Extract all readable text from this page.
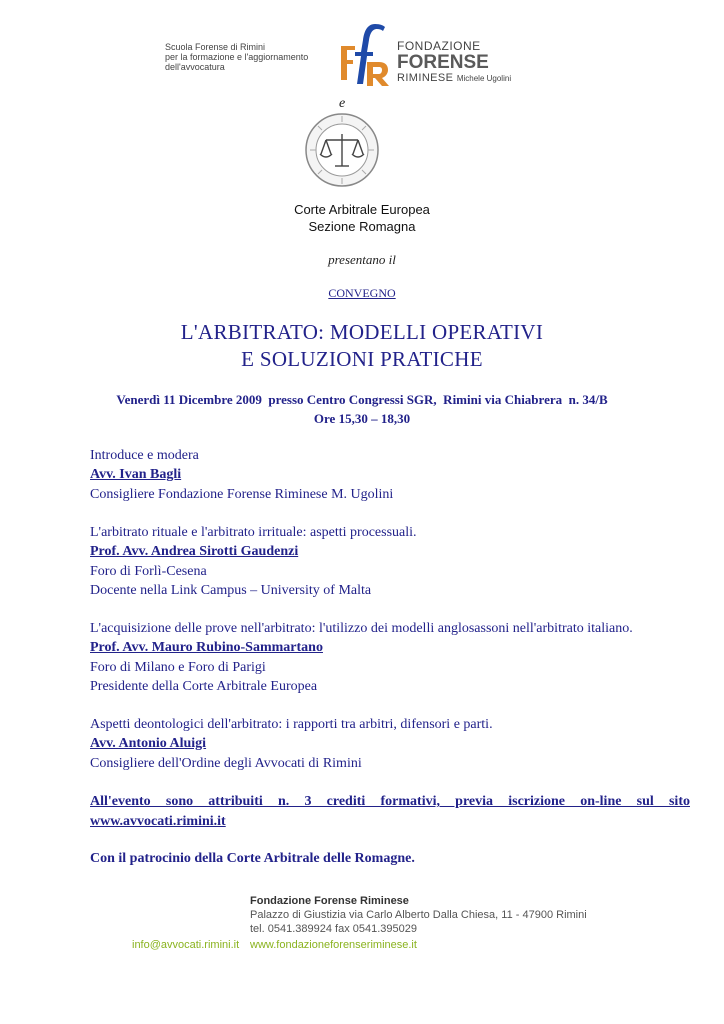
Scuola Forense di Rimini
per la formazione e l'aggiornamento
dell'avvocatura
FONDAZIONE
FORENSE
RIMINESE Michele Ugolini
e
Corte Arbitrale Europea
Sezione Romagna
presentano il
CONVEGNO
L'ARBITRATO: MODELLI OPERATIVI
E SOLUZIONI PRATICHE
Venerdì 11 Dicembre 2009  presso Centro Congressi SGR,  Rimini via Chiabrera  n. 34/B
Ore 15,30 – 18,30
Introduce e modera
Avv. Ivan Bagli
Consigliere Fondazione Forense Riminese M. Ugolini
L'arbitrato rituale e l'arbitrato irrituale: aspetti processuali.
Prof. Avv. Andrea Sirotti Gaudenzi
Foro di Forlì-Cesena
Docente nella Link Campus – University of Malta
L'acquisizione delle prove nell'arbitrato: l'utilizzo dei modelli anglosassoni nell'arbitrato italiano.
Prof. Avv. Mauro Rubino-Sammartano
Foro di Milano e Foro di Parigi
Presidente della Corte Arbitrale Europea
Aspetti deontologici dell'arbitrato: i rapporti tra arbitri, difensori e parti.
Avv. Antonio Aluigi
Consigliere dell'Ordine degli Avvocati di Rimini
All'evento sono attribuiti n. 3 crediti formativi, previa iscrizione on-line sul sito
www.avvocati.rimini.it
Con il patrocinio della Corte Arbitrale delle Romagne.
Fondazione Forense Riminese
Palazzo di Giustizia via Carlo Alberto Dalla Chiesa, 11 - 47900 Rimini
tel. 0541.389924 fax 0541.395029
info@avvocati.rimini.it www.fondazioneforenseriminese.it
